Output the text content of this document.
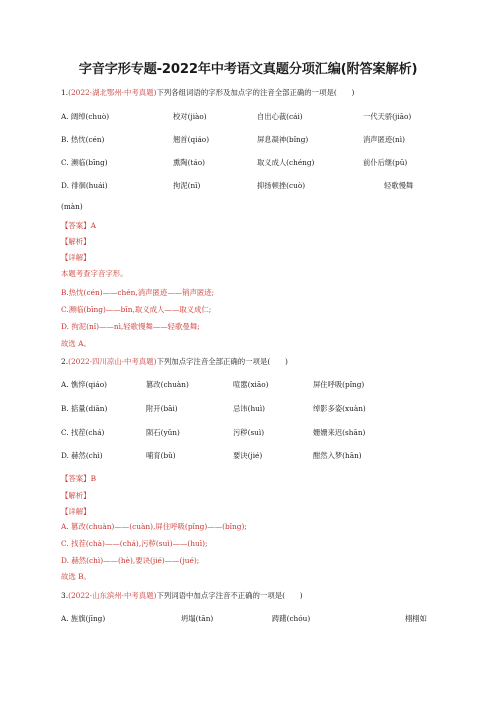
字音字形专题-2022年中考语文真题分项汇编(附答案解析)
1.(2022·湖北鄂州·中考真题)下列各组词语的字形及加点字的注音全部正确的一项是(　　)
A. 阔绰(chuò)	校对(jiào)	自出心裁(cái)	一代天骄(jiāo)
B. 热忱(cén)	翘首(qiáo)	屏息凝神(bǐng)	消声匿迹(nì)
C. 濒临(bīng)	熏陶(táo)	取义成人(chéng)	前仆后继(pū)
D. 徘徊(huái)	拘泥(nǐ)	抑扬顿挫(cuò)	轻歌慢舞
(màn)
【答案】A
【解析】
【详解】
本题考查字音字形。
B.热忱(cén)——chén,消声匿迹——销声匿迹;
C.濒临(bīng)——bīn,取义成人——取义成仁;
D. 拘泥(nǐ)——nì,轻歌慢舞——轻歌曼舞;
故选 A。
2.(2022·四川凉山·中考真题)下列加点字注音全部正确的一项是(　　)
A. 憔悴(qiáo)	篡改(chuàn)	喧嚣(xiāo)	屏住呼吸(pǐng)
B. 掂量(diān)	附开(bāi)	忌讳(huì)	绰影多姿(xuàn)
C. 找茬(chá)	陨石(yǔn)	污秽(suì)	姗姗来迟(shān)
D. 赫然(chì)	哺育(bǔ)	要诀(jié)	酣然入梦(hān)
【答案】B
【解析】
【详解】
A. 篡改(chuàn)——(cuàn),屏住呼吸(pǐng)——(bǐng);
C. 找茬(chà)——(chá),污秽(suì)——(huì);
D. 赫然(chì)——(hè),要诀(jié)——(jué);
故选 B。
3.(2022·山东滨州·中考真题)下列词语中加点字注音不正确的一项是(　　)
A. 旌旗(jīng)	坍塌(tān)	踌躇(chóu)	栩栩如
